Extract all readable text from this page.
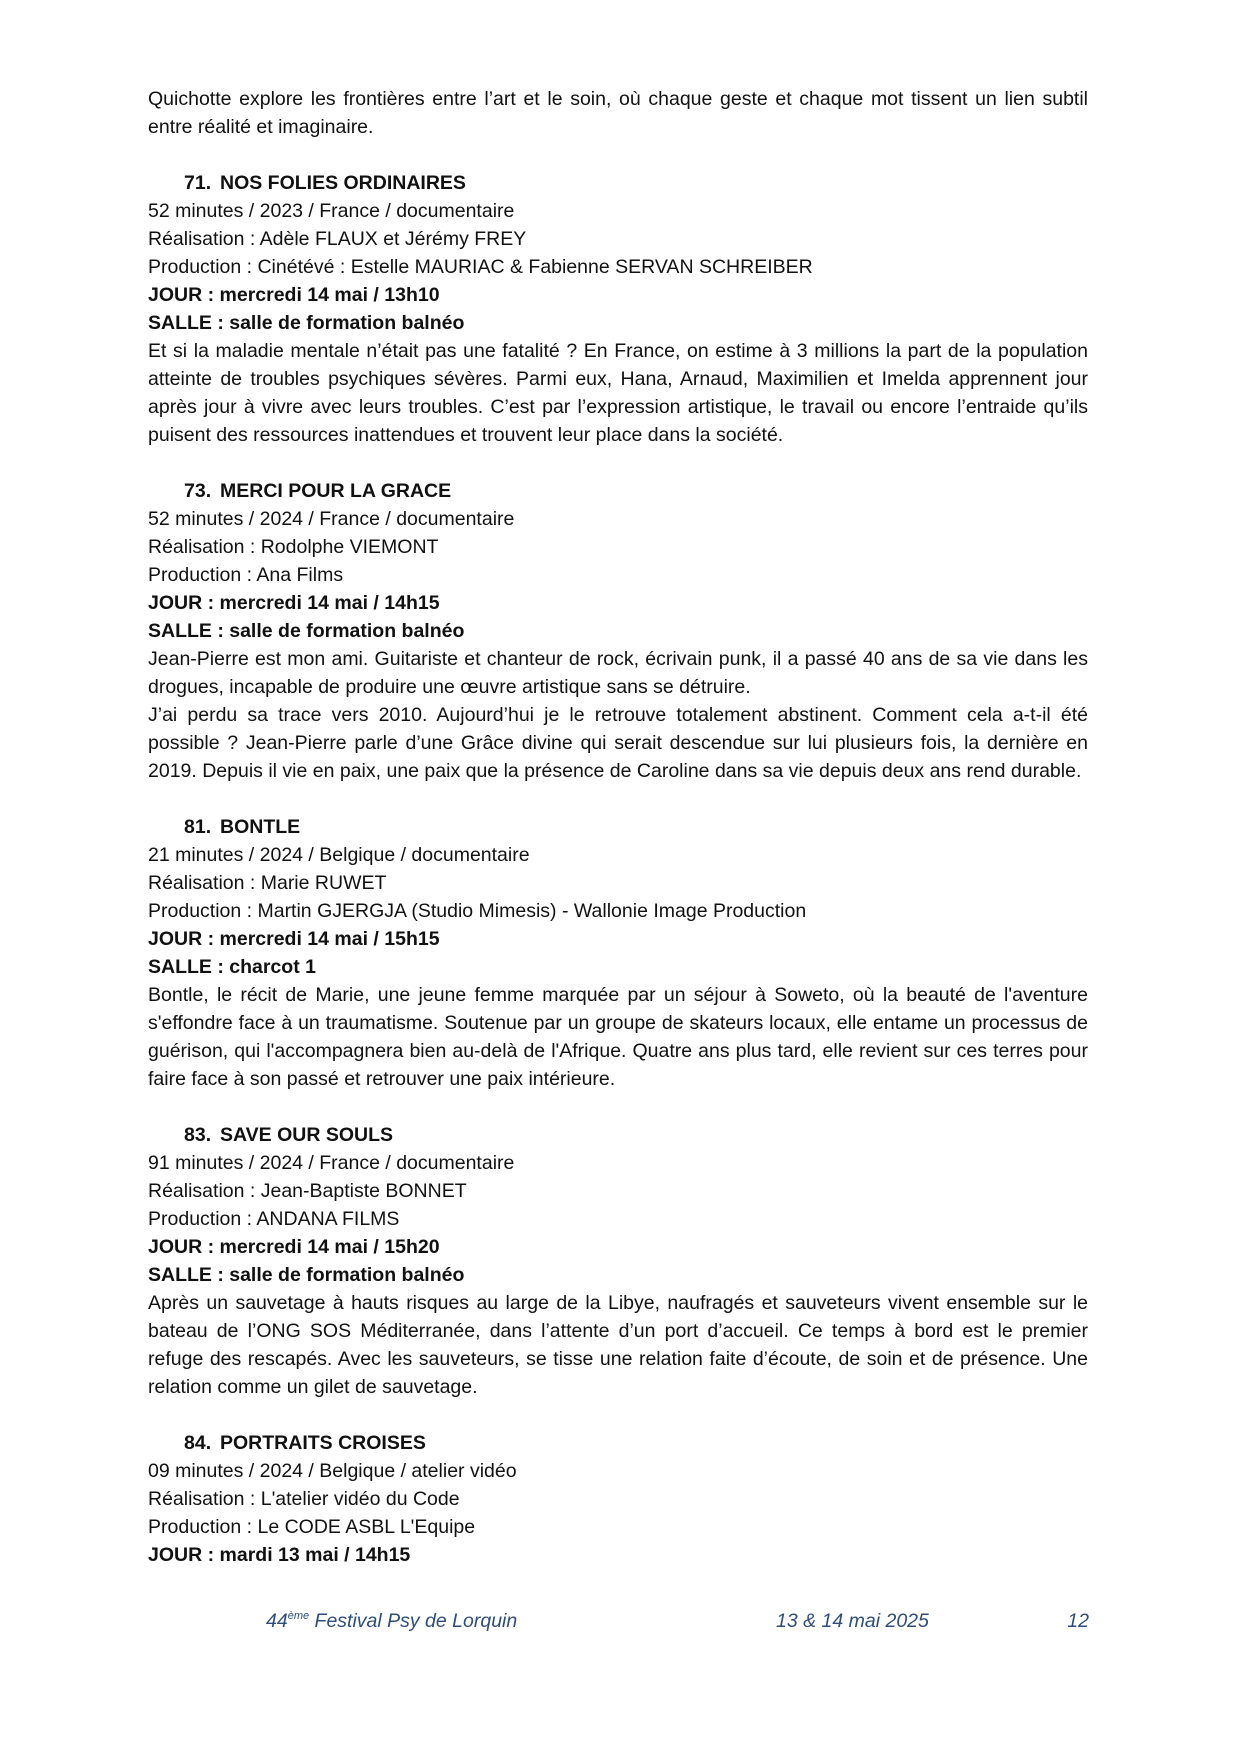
Quichotte explore les frontières entre l’art et le soin, où chaque geste et chaque mot tissent un lien subtil entre réalité et imaginaire.

71. NOS FOLIES ORDINAIRES

52 minutes / 2023 / France / documentaire

Réalisation : Adèle FLAUX et Jérémy FREY

Production : Cinétévé : Estelle MAURIAC & Fabienne SERVAN SCHREIBER

JOUR : mercredi 14 mai / 13h10

SALLE : salle de formation balnéo

Et si la maladie mentale n’était pas une fatalité ? En France, on estime à 3 millions la part de la population atteinte de troubles psychiques sévères. Parmi eux, Hana, Arnaud, Maximilien et Imelda apprennent jour après jour à vivre avec leurs troubles. C’est par l’expression artistique, le travail ou encore l’entraide qu’ils puisent des ressources inattendues et trouvent leur place dans la société.

73. MERCI POUR LA GRACE

52 minutes / 2024 / France / documentaire

Réalisation : Rodolphe VIEMONT

Production : Ana Films

JOUR : mercredi 14 mai / 14h15

SALLE : salle de formation balnéo

Jean-Pierre est mon ami. Guitariste et chanteur de rock, écrivain punk, il a passé 40 ans de sa vie dans les drogues, incapable de produire une œuvre artistique sans se détruire.

J’ai perdu sa trace vers 2010. Aujourd’hui je le retrouve totalement abstinent. Comment cela a-t-il été possible ? Jean-Pierre parle d’une Grâce divine qui serait descendue sur lui plusieurs fois, la dernière en 2019. Depuis il vie en paix, une paix que la présence de Caroline dans sa vie depuis deux ans rend durable.

81. BONTLE

21 minutes / 2024 / Belgique / documentaire

Réalisation : Marie RUWET

Production : Martin GJERGJA (Studio Mimesis) - Wallonie Image Production

JOUR : mercredi 14 mai / 15h15

SALLE : charcot 1

Bontle, le récit de Marie, une jeune femme marquée par un séjour à Soweto, où la beauté de l'aventure s'effondre face à un traumatisme. Soutenue par un groupe de skateurs locaux, elle entame un processus de guérison, qui l'accompagnera bien au-delà de l'Afrique. Quatre ans plus tard, elle revient sur ces terres pour faire face à son passé et retrouver une paix intérieure.

83. SAVE OUR SOULS

91 minutes / 2024 / France / documentaire

Réalisation : Jean-Baptiste BONNET

Production : ANDANA FILMS

JOUR : mercredi 14 mai / 15h20

SALLE : salle de formation balnéo

Après un sauvetage à hauts risques au large de la Libye, naufragés et sauveteurs vivent ensemble sur le bateau de l’ONG SOS Méditerranée, dans l’attente d’un port d’accueil. Ce temps à bord est le premier refuge des rescapés. Avec les sauveteurs, se tisse une relation faite d’écoute, de soin et de présence. Une relation comme un gilet de sauvetage.

84. PORTRAITS CROISES

09 minutes / 2024 / Belgique / atelier vidéo

Réalisation : L'atelier vidéo du Code

Production : Le CODE ASBL L'Equipe

JOUR : mardi 13 mai / 14h15

44ème Festival Psy de Lorquin	13 & 14 mai 2025	12
